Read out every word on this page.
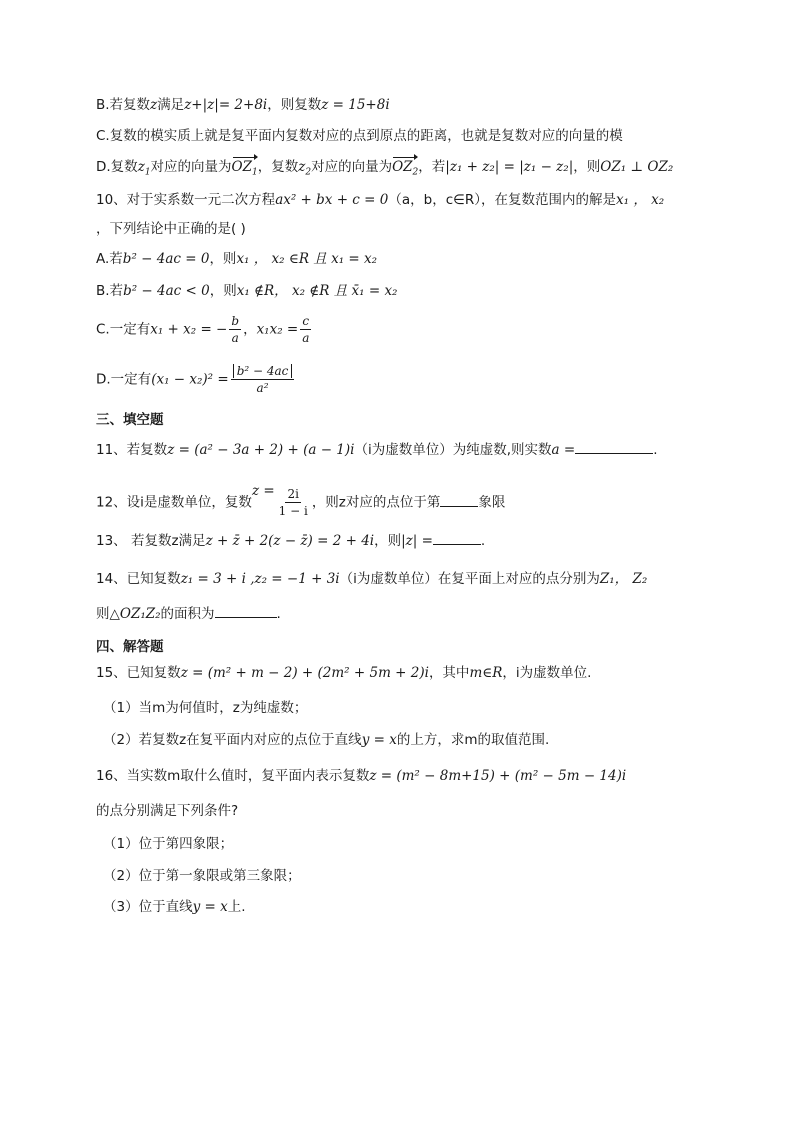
B.若复数z满足z+|z|= 2+8i，则复数z = 15+8i
C.复数的模实质上就是复平面内复数对应的点到原点的距离，也就是复数对应的向量的模
D.复数$z_1$对应的向量为$OZ_1$，复数$z_2$对应的向量为$OZ_2$，若|z₁ + z₂| = |z₁ − z₂|，则OZ₁ ⊥ OZ₂
10、对于实系数一元二次方程ax² + bx + c = 0（a，b，c∈R），在复数范围内的解是x₁ ， x₂
，下列结论中正确的是( )
A.若b² − 4ac = 0，则x₁ ， x₂ ∈R 且 x₁ = x₂
B.若b² − 4ac < 0，则x₁ ∉R， x₂ ∉R 且 x̄₁ = x₂
C.一定有x₁ + x₂ = − $\frac{b}{a}$ ，$x_1x_2 = \frac{c}{a}$
D.一定有$(x_1 - x_2)^2 = \frac{\text{b² − 4ac}}{\text{a²}}$
三、填空题
11、若复数z = (a² − 3a + 2) + (a − 1)i（i为虚数单位）为纯虚数,则实数a =	.
12、设i是虚数单位，复数$z = \frac{2i}{1 - i}$ ，则z对应的点位于第	象限
13、 若复数z满足z + z̄ + 2(z − z̄) = 2 + 4i，则|z| =	.
14、已知复数z₁ = 3 + i ,z₂ = −1 + 3i（i为虚数单位）在复平面上对应的点分别为Z₁， Z₂
则△OZ₁Z₂的面积为	.
四、解答题
15、已知复数z = (m² + m − 2) + (2m² + 5m + 2)i，其中m∈R，i为虚数单位.
（1）当m为何值时，z为纯虚数；
（2）若复数z在复平面内对应的点位于直线y = x的上方，求m的取值范围.
16、当实数m取什么值时，复平面内表示复数z = (m² − 8m+15) + (m² − 5m − 14)i
的点分别满足下列条件?
（1）位于第四象限；
（2）位于第一象限或第三象限；
（3）位于直线y = x上.
